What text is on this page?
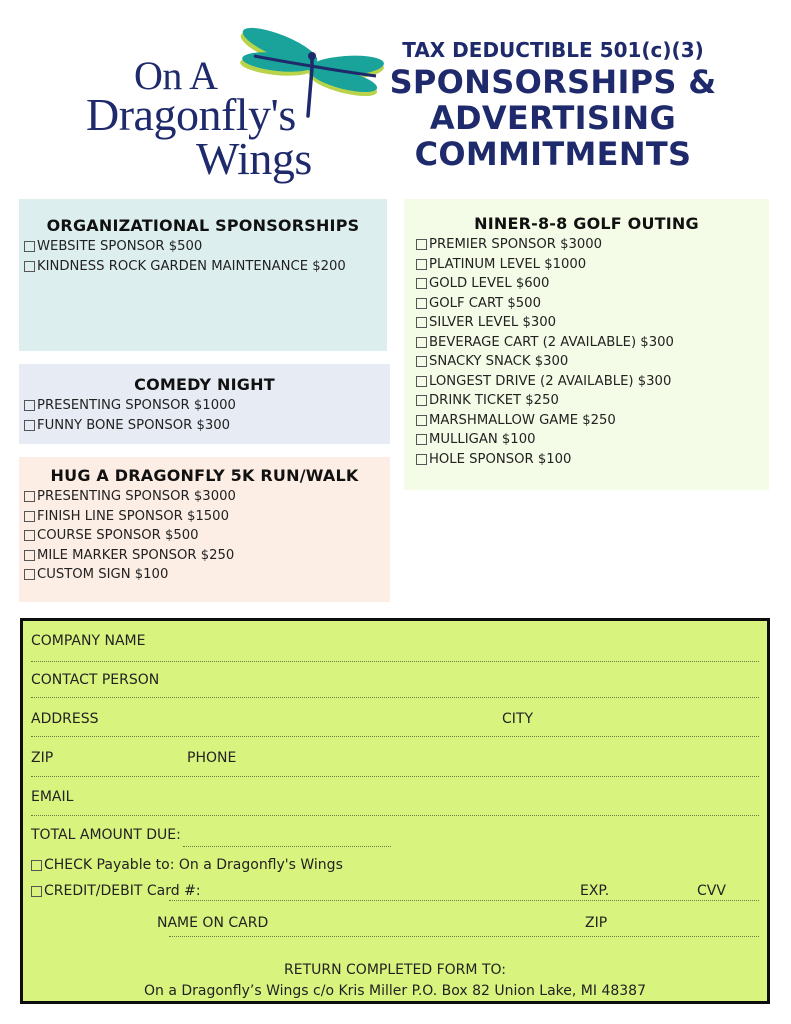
On A
Dragonfly's
Wings
TAX DEDUCTIBLE 501(c)(3)
SPONSORSHIPS &
ADVERTISING
COMMITMENTS
ORGANIZATIONAL SPONSORSHIPS
WEBSITE SPONSOR $500
KINDNESS ROCK GARDEN MAINTENANCE $200
COMEDY NIGHT
PRESENTING SPONSOR $1000
FUNNY BONE SPONSOR $300
HUG A DRAGONFLY 5K RUN/WALK
PRESENTING SPONSOR $3000
FINISH LINE SPONSOR $1500
COURSE SPONSOR $500
MILE MARKER SPONSOR $250
CUSTOM SIGN $100
NINER-8-8 GOLF OUTING
PREMIER SPONSOR $3000
PLATINUM LEVEL $1000
GOLD LEVEL $600
GOLF CART $500
SILVER LEVEL $300
BEVERAGE CART (2 AVAILABLE) $300
SNACKY SNACK $300
LONGEST DRIVE (2 AVAILABLE) $300
DRINK TICKET $250
MARSHMALLOW GAME $250
MULLIGAN $100
HOLE SPONSOR $100
COMPANY NAME
CONTACT PERSON
ADDRESS	CITY
ZIP	PHONE
EMAIL
TOTAL AMOUNT DUE:
CHECK Payable to: On a Dragonfly's Wings
CREDIT/DEBIT Card #:	EXP.	CVV
NAME ON CARD	ZIP
RETURN COMPLETED FORM TO:
On a Dragonfly’s Wings c/o Kris Miller P.O. Box 82 Union Lake, MI 48387
